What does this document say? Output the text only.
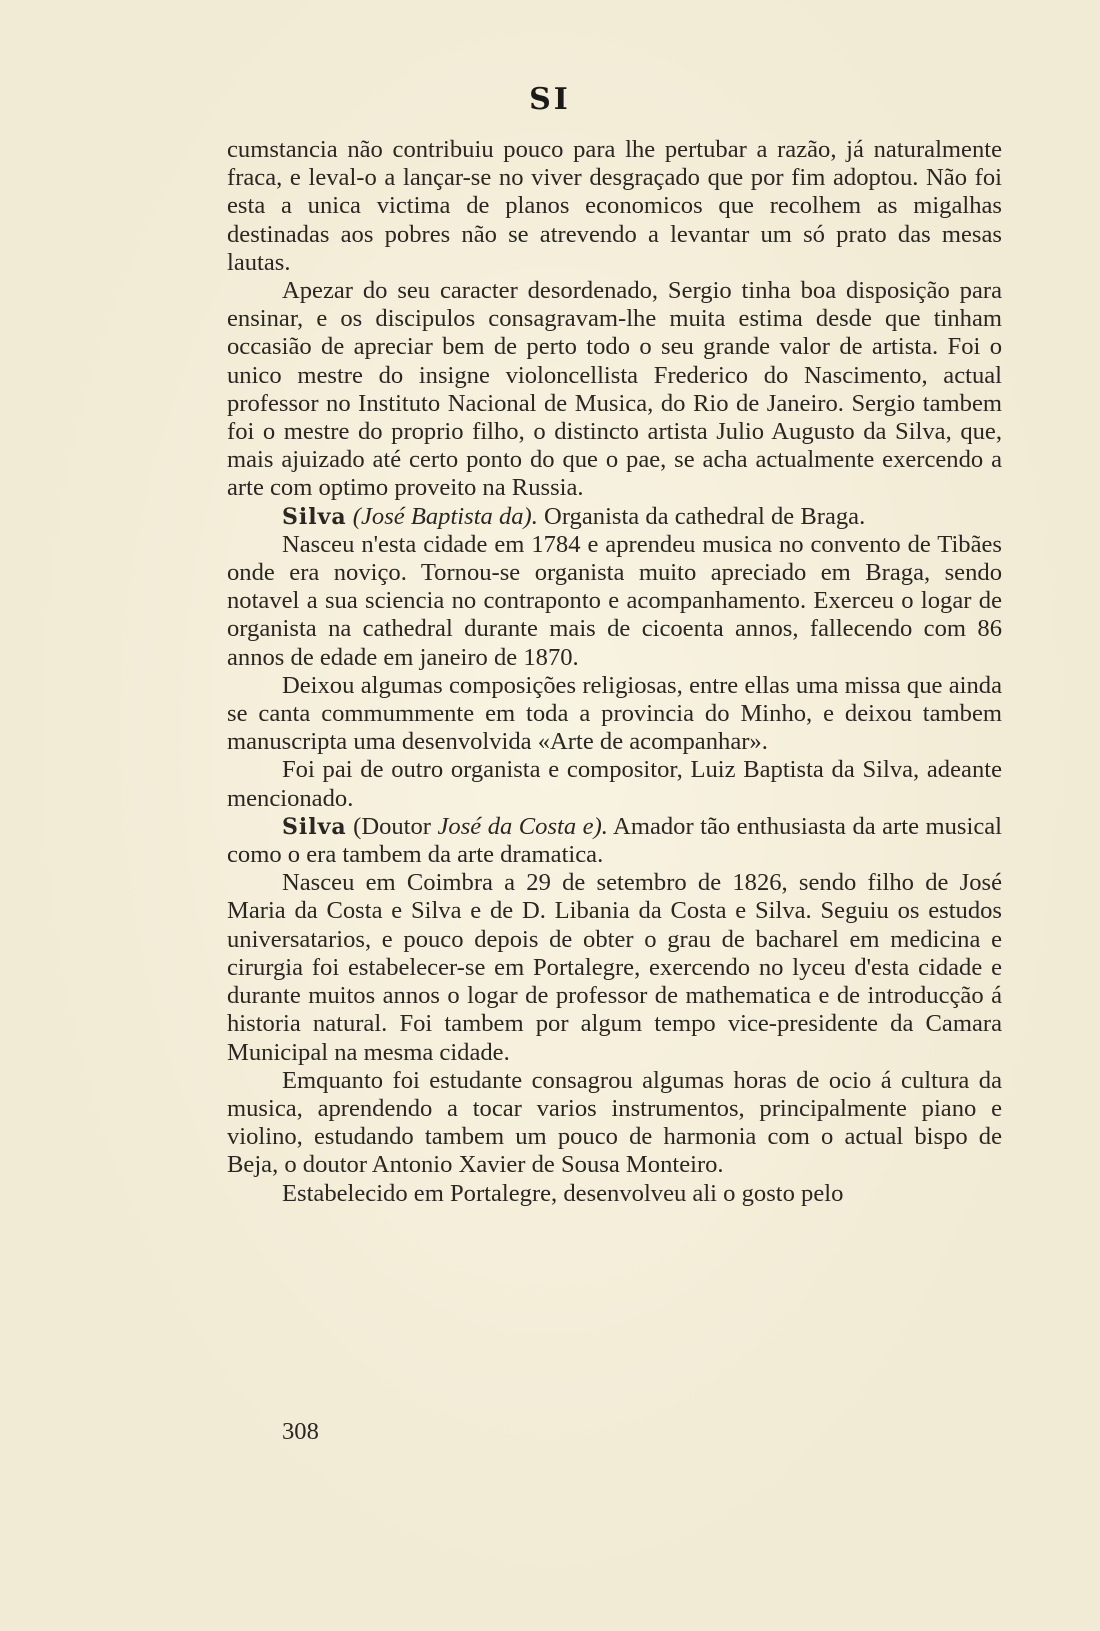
SI

cumstancia não contribuiu pouco para lhe pertubar a razão, já naturalmente fraca, e leval-o a lançar-se no viver desgraçado que por fim adoptou. Não foi esta a unica victima de planos economicos que recolhem as migalhas destinadas aos pobres não se atrevendo a levantar um só prato das mesas lautas.

Apezar do seu caracter desordenado, Sergio tinha boa disposição para ensinar, e os discipulos consagravam-lhe muita estima desde que tinham occasião de apreciar bem de perto todo o seu grande valor de artista. Foi o unico mestre do insigne violoncellista Frederico do Nascimento, actual professor no Instituto Nacional de Musica, do Rio de Janeiro. Sergio tambem foi o mestre do proprio filho, o distincto artista Julio Augusto da Silva, que, mais ajuizado até certo ponto do que o pae, se acha actualmente exercendo a arte com optimo proveito na Russia.

Silva (José Baptista da). Organista da cathedral de Braga.

Nasceu n'esta cidade em 1784 e aprendeu musica no convento de Tibães onde era noviço. Tornou-se organista muito apreciado em Braga, sendo notavel a sua sciencia no contraponto e acompanhamento. Exerceu o logar de organista na cathedral durante mais de cicoenta annos, fallecendo com 86 annos de edade em janeiro de 1870.

Deixou algumas composições religiosas, entre ellas uma missa que ainda se canta commummente em toda a provincia do Minho, e deixou tambem manuscripta uma desenvolvida «Arte de acompanhar».

Foi pai de outro organista e compositor, Luiz Baptista da Silva, adeante mencionado.

Silva (Doutor José da Costa e). Amador tão enthusiasta da arte musical como o era tambem da arte dramatica.

Nasceu em Coimbra a 29 de setembro de 1826, sendo filho de José Maria da Costa e Silva e de D. Libania da Costa e Silva. Seguiu os estudos universatarios, e pouco depois de obter o grau de bacharel em medicina e cirurgia foi estabelecer-se em Portalegre, exercendo no lyceu d'esta cidade e durante muitos annos o logar de professor de mathematica e de introducção á historia natural. Foi tambem por algum tempo vice-presidente da Camara Municipal na mesma cidade.

Emquanto foi estudante consagrou algumas horas de ocio á cultura da musica, aprendendo a tocar varios instrumentos, principalmente piano e violino, estudando tambem um pouco de harmonia com o actual bispo de Beja, o doutor Antonio Xavier de Sousa Monteiro.

Estabelecido em Portalegre, desenvolveu ali o gosto pelo

308
